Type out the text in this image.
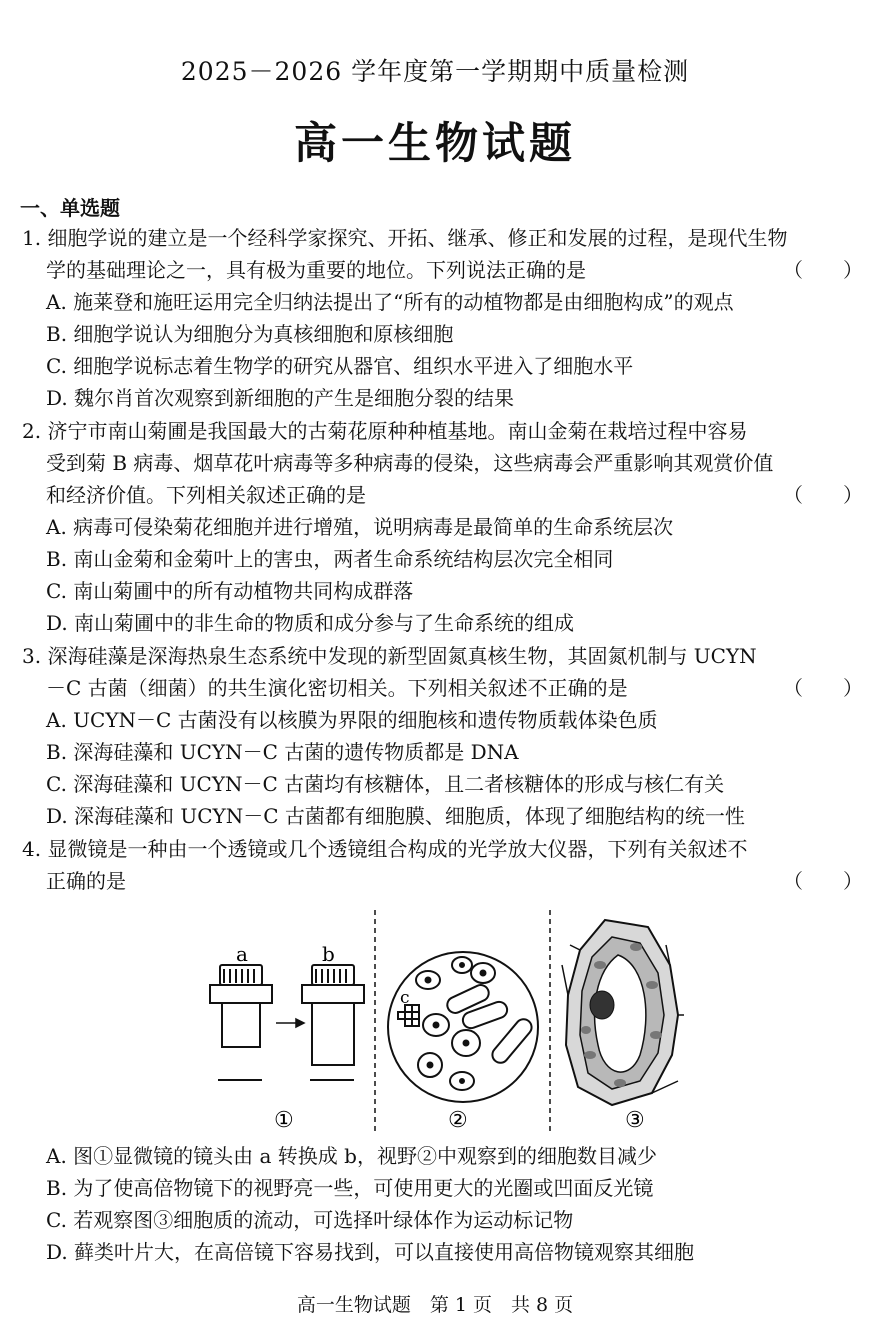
2025－2026 学年度第一学期期中质量检测
高一生物试题
一、单选题
1. 细胞学说的建立是一个经科学家探究、开拓、继承、修正和发展的过程，是现代生物
学的基础理论之一，具有极为重要的地位。下列说法正确的是	（　　）
A. 施莱登和施旺运用完全归纳法提出了“所有的动植物都是由细胞构成”的观点
B. 细胞学说认为细胞分为真核细胞和原核细胞
C. 细胞学说标志着生物学的研究从器官、组织水平进入了细胞水平
D. 魏尔肖首次观察到新细胞的产生是细胞分裂的结果
2. 济宁市南山菊圃是我国最大的古菊花原种种植基地。南山金菊在栽培过程中容易
受到菊 B 病毒、烟草花叶病毒等多种病毒的侵染，这些病毒会严重影响其观赏价值
和经济价值。下列相关叙述正确的是	（　　）
A. 病毒可侵染菊花细胞并进行增殖，说明病毒是最简单的生命系统层次
B. 南山金菊和金菊叶上的害虫，两者生命系统结构层次完全相同
C. 南山菊圃中的所有动植物共同构成群落
D. 南山菊圃中的非生命的物质和成分参与了生命系统的组成
3. 深海硅藻是深海热泉生态系统中发现的新型固氮真核生物，其固氮机制与 UCYN
－C 古菌（细菌）的共生演化密切相关。下列相关叙述不正确的是	（　　）
A. UCYN－C 古菌没有以核膜为界限的细胞核和遗传物质载体染色质
B. 深海硅藻和 UCYN－C 古菌的遗传物质都是 DNA
C. 深海硅藻和 UCYN－C 古菌均有核糖体，且二者核糖体的形成与核仁有关
D. 深海硅藻和 UCYN－C 古菌都有细胞膜、细胞质，体现了细胞结构的统一性
4. 显微镜是一种由一个透镜或几个透镜组合构成的光学放大仪器，下列有关叙述不
正确的是	（　　）
a	b
①
c
②	③
A. 图①显微镜的镜头由 a 转换成 b，视野②中观察到的细胞数目减少
B. 为了使高倍物镜下的视野亮一些，可使用更大的光圈或凹面反光镜
C. 若观察图③细胞质的流动，可选择叶绿体作为运动标记物
D. 藓类叶片大，在高倍镜下容易找到，可以直接使用高倍物镜观察其细胞
高一生物试题　第 1 页　共 8 页
